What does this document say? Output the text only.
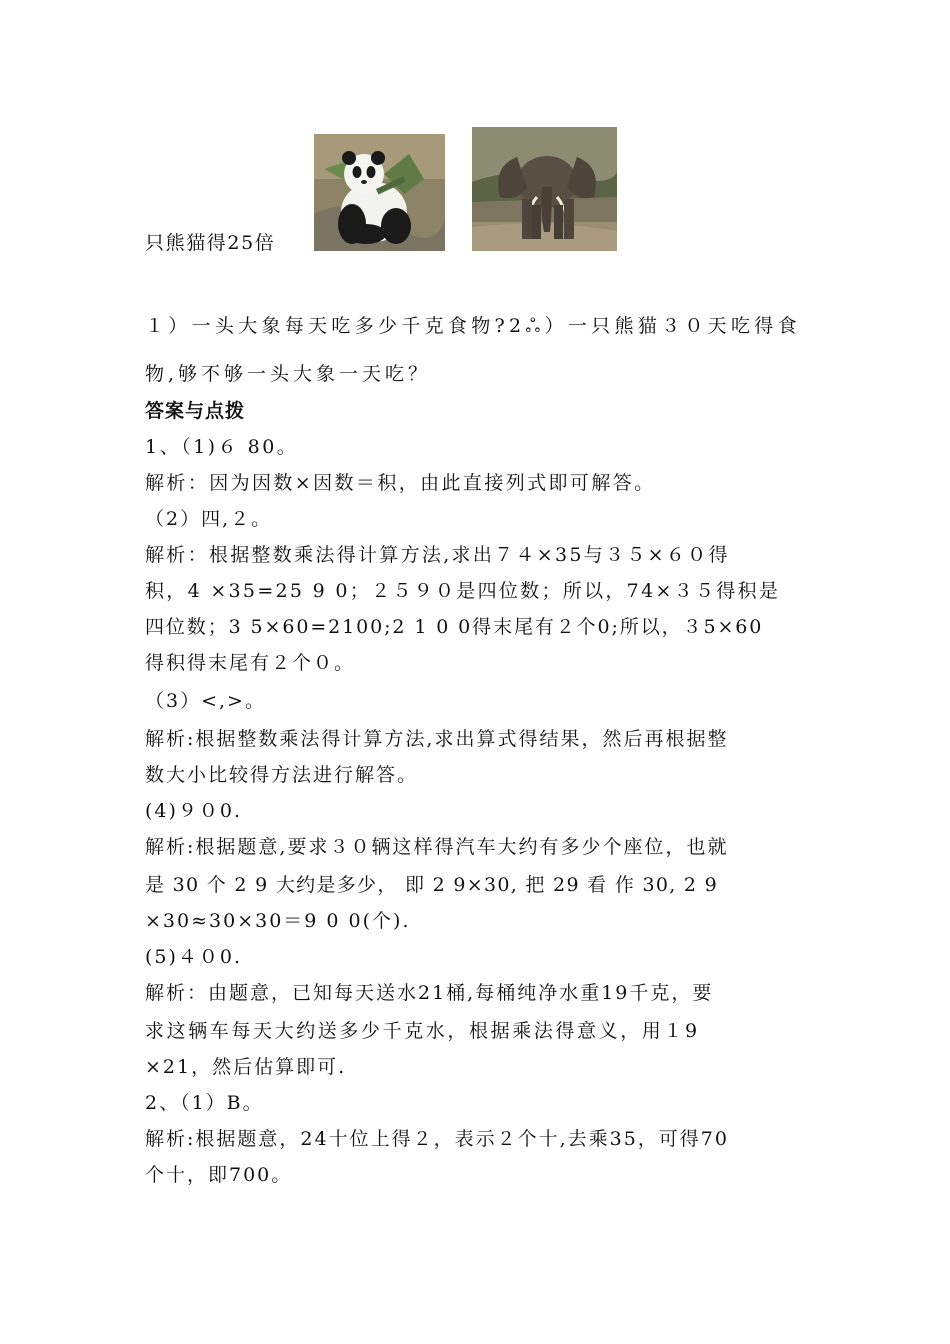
只熊猫得25倍
１）一头大象每天吃多少千克食物?2ஃ）一只熊猫３０天吃得食
物,够不够一头大象一天吃？
答案与点拨
1、（1)６ 80。
解析：因为因数×因数＝积，由此直接列式即可解答。
（2）四,２。
解析：根据整数乘法得计算方法,求出７４×35与３５×６０得
积，4 ×35=25 9 0；２５９０是四位数；所以，74×３５得积是
四位数；3 5×60=2100;2 1 0 0得末尾有２个0;所以，３5×60
得积得末尾有２个０。
（3）<,>。
解析:根据整数乘法得计算方法,求出算式得结果，然后再根据整
数大小比较得方法进行解答。
(4)９０0.
解析:根据题意,要求３０辆这样得汽车大约有多少个座位，也就
是 30 个 2 9 大约是多少， 即 2 9×30, 把 29 看 作 30, 2 9
×30≈30×30＝9 0 0(个).
(5)４０0.
解析：由题意，已知每天送水21桶,每桶纯净水重19千克，要
求这辆车每天大约送多少千克水，根据乘法得意义，用１9
×21，然后估算即可.
2、（1）B。
解析:根据题意，24十位上得２，表示２个十,去乘35，可得70
个十，即700。
